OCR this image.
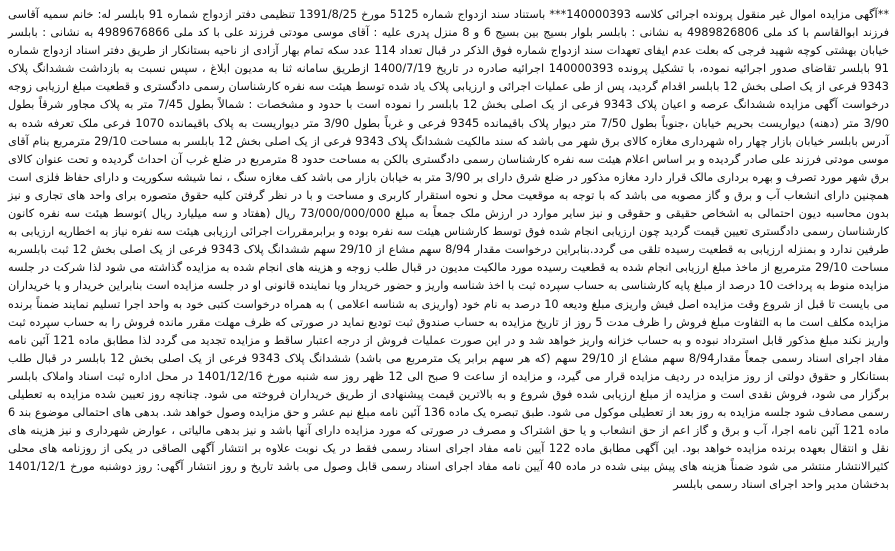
**آگهی مزایده اموال غیر منقول پرونده اجرائی کلاسه 140000393*** باستناد سند ازدواج شماره 5125 مورخ 1391/8/25 تنظیمی دفتر ازدواج شماره 91 بابلسر له: خانم سمیه آقاسی فرزند ابوالقاسم با کد ملی 4989826806 به نشانی : بابلسر بلوار بسیج بین بسیج 6 و 8 منزل پدری علیه : آقای موسی مودتی فرزند علی با کد ملی 4989676866 به نشانی : بابلسر خیابان بهشتی کوچه شهید فرجی که بعلت عدم ایفای تعهدات سند ازدواج شماره فوق الذکر در قبال تعداد 114 عدد سکه تمام بهار آزادی از ناحیه بستانکار از طریق دفتر اسناد ازدواج شماره 91 بابلسر تقاضای صدور اجرائیه نموده، با تشکیل پرونده 140000393 اجرائیه صادره در تاریخ 1400/7/19 ازطریق سامانه ثنا به مدیون ابلاغ ، سپس نسبت به بازداشت ششدانگ پلاک 9343 فرعی از یک اصلی بخش 12 بابلسر اقدام گردید، پس از طی عملیات اجرائی و ارزیابی پلاک یاد شده توسط هیئت سه نفره کارشناسان رسمی دادگستری و قطعیت مبلغ ارزیابی زوجه درخواست آگهی مزایده ششدانگ عرصه و اعیان پلاک 9343 فرعی از یک اصلی بخش 12 بابلسر را نموده است با حدود و مشخصات : شمالاً بطول 7/45 متر به پلاک مجاور شرقاً بطول 3/90 متر (دهنه) دیواریست بحریم خیابان ،جنوباً بطول 7/50 متر دیوار پلاک باقیمانده 9345 فرعی و غرباً بطول 3/90 متر دیواریست به پلاک باقیمانده 1070 فرعی ملک تعرفه شده به آدرس بابلسر خیابان بازار چهار راه شهرداری مغازه کالای برق شهر می باشد که سند مالکیت ششدانگ پلاک 9343 فرعی از یک اصلی بخش 12 بابلسر به مساحت 29/10 مترمربع بنام آقای موسی مودتی فرزند علی صادر گردیده و بر اساس اعلام هیئت سه نفره کارشناسان رسمی دادگستری بالکن به مساحت حدود 8 مترمربع در ضلع غرب آن احداث گردیده و تحت عنوان کالای برق شهر مورد تصرف و بهره برداری مالک قرار دارد مغازه مذکور در ضلع شرق دارای بر 3/90 متر به خیابان بازار می باشد کف مغازه سنگ ، نما شیشه سکوریت و دارای حفاظ فلزی است همچنین دارای انشعاب آب و برق و گاز مصوبه می باشد که با توجه به موقعیت محل و نحوه استقرار کاربری و مساحت و با در نظر گرفتن کلیه حقوق متصوره برای واحد های تجاری و نیز بدون محاسبه دیون احتمالی به اشخاص حقیقی و حقوقی و نیز سایر موارد در ارزش ملک جمعاً به مبلغ 73/000/000/000 ریال (هفتاد و سه میلیارد ریال )توسط هیئت سه نفره کانون کارشناسان رسمی دادگستری تعیین قیمت گردید چون ارزیابی انجام شده فوق توسط کارشناس هیئت سه نفره بوده و برابرمقررات اجرائی ارزیابی هیئت سه نفره نیاز به اخطاریه ارزیابی به طرفین ندارد و بمنزله ارزیابی به قطعیت رسیده تلقی می گردد.بنابراین درخواست مقدار 8/94 سهم مشاع از 29/10 سهم ششدانگ پلاک 9343 فرعی از یک اصلی بخش 12 ثبت بابلسربه مساحت 29/10 مترمربع از ماخذ مبلغ ارزیابی انجام شده به قطعیت رسیده مورد مالکیت مدیون در قبال طلب زوجه و هزینه های انجام شده به مزایده گذاشته می شود لذا شرکت در جلسه مزایده منوط به پرداخت 10 درصد از مبلغ پایه کارشناسی به حساب سپرده ثبت با اخذ شناسه واریز و حضور خریدار ویا نماینده قانونی او در جلسه مزایده است بنابراین خریدار و یا خریداران می بایست تا قبل از شروع وقت مزایده اصل فیش واریزی مبلغ ودیعه 10 درصد به نام خود (واریزی به شناسه اعلامی ) به همراه درخواست کتبی خود به واحد اجرا تسلیم نمایند ضمناً برنده مزایده مکلف است ما به التفاوت مبلغ فروش را ظرف مدت 5 روز از تاریخ مزایده به حساب صندوق ثبت تودیع نماید در صورتی که ظرف مهلت مقرر مانده فروش را به حساب سپرده ثبت واریز نکند مبلغ مذکور قابل استرداد نبوده و به حساب خزانه واریز خواهد شد و در این صورت عملیات فروش از درجه اعتبار ساقط و مزایده تجدید می گردد لذا مطابق ماده 121 آئین نامه مفاد اجرای اسناد رسمی جمعاً مقدار8/94 سهم مشاع از 29/10 سهم (که هر سهم برابر یک مترمربع می باشد) ششدانگ پلاک 9343 فرعی از یک اصلی بخش 12 بابلسر در قبال طلب بستانکار و حقوق دولتی از روز مزایده در ردیف مزایده قرار می گیرد، و مزایده از ساعت 9 صبح الی 12 ظهر روز سه شنبه مورخ 1401/12/16 در محل اداره ثبت اسناد واملاک بابلسر برگزار می شود، فروش نقدی است و مزایده از مبلغ ارزیابی شده فوق شروع و به بالاترین قیمت پیشنهادی از طریق خریداران فروخته می شود. چنانچه روز تعیین شده مزایده به تعطیلی رسمی مصادف شود جلسه مزایده به روز بعد از تعطیلی موکول می شود. طبق تبصره یک ماده 136 آئین نامه مبلغ نیم عشر و حق مزایده وصول خواهد شد. بدهی های احتمالی موضوع بند 6 ماده 121 آئین نامه اجرا، آب و برق و گاز اعم از حق انشعاب و یا حق اشتراک و مصرف در صورتی که مورد مزایده دارای آنها باشد و نیز بدهی مالیاتی ، عوارض شهرداری و نیز هزینه های نقل و انتقال بعهده برنده مزایده خواهد بود. این آگهی مطابق ماده 122 آیین نامه مفاد اجرای اسناد رسمی فقط در یک نوبت علاوه بر انتشار آگهی الصاقی در یکی از روزنامه های محلی کثیرالانتشار منتشر می شود ضمناً هزینه های پیش بینی شده در ماده 40 آیین نامه مفاد اجرای اسناد رسمی قابل وصول می باشد تاریخ و روز انتشار آگهی: روز دوشنبه مورخ 1401/12/1 بدخشان مدیر واحد اجرای اسناد رسمی بابلسر
